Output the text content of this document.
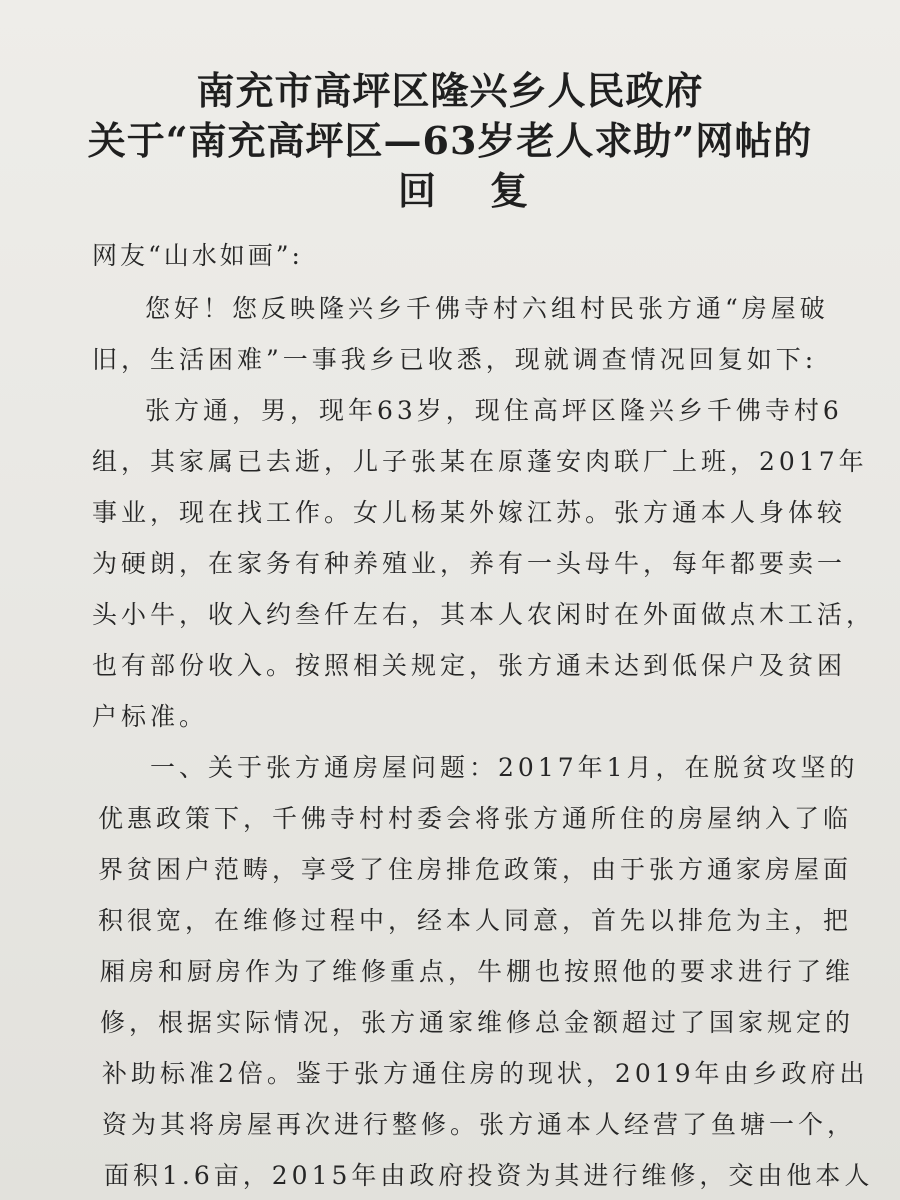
南充市高坪区隆兴乡人民政府
关于“南充高坪区—63岁老人求助”网帖的
回复
网友“山水如画”:
您好！您反映隆兴乡千佛寺村六组村民张方通“房屋破
旧，生活困难”一事我乡已收悉，现就调查情况回复如下:
张方通，男，现年63岁，现住高坪区隆兴乡千佛寺村6
组，其家属已去逝，儿子张某在原蓬安肉联厂上班，2017年
事业，现在找工作。女儿杨某外嫁江苏。张方通本人身体较
为硬朗，在家务有种养殖业，养有一头母牛，每年都要卖一
头小牛，收入约叁仟左右，其本人农闲时在外面做点木工活，
也有部份收入。按照相关规定，张方通未达到低保户及贫困
户标准。
一、关于张方通房屋问题：2017年1月，在脱贫攻坚的
优惠政策下，千佛寺村村委会将张方通所住的房屋纳入了临
界贫困户范畴，享受了住房排危政策，由于张方通家房屋面
积很宽，在维修过程中，经本人同意，首先以排危为主，把
厢房和厨房作为了维修重点，牛棚也按照他的要求进行了维
修，根据实际情况，张方通家维修总金额超过了国家规定的
补助标准2倍。鉴于张方通住房的现状，2019年由乡政府出
资为其将房屋再次进行整修。张方通本人经营了鱼塘一个，
面积1.6亩，2015年由政府投资为其进行维修，交由他本人
